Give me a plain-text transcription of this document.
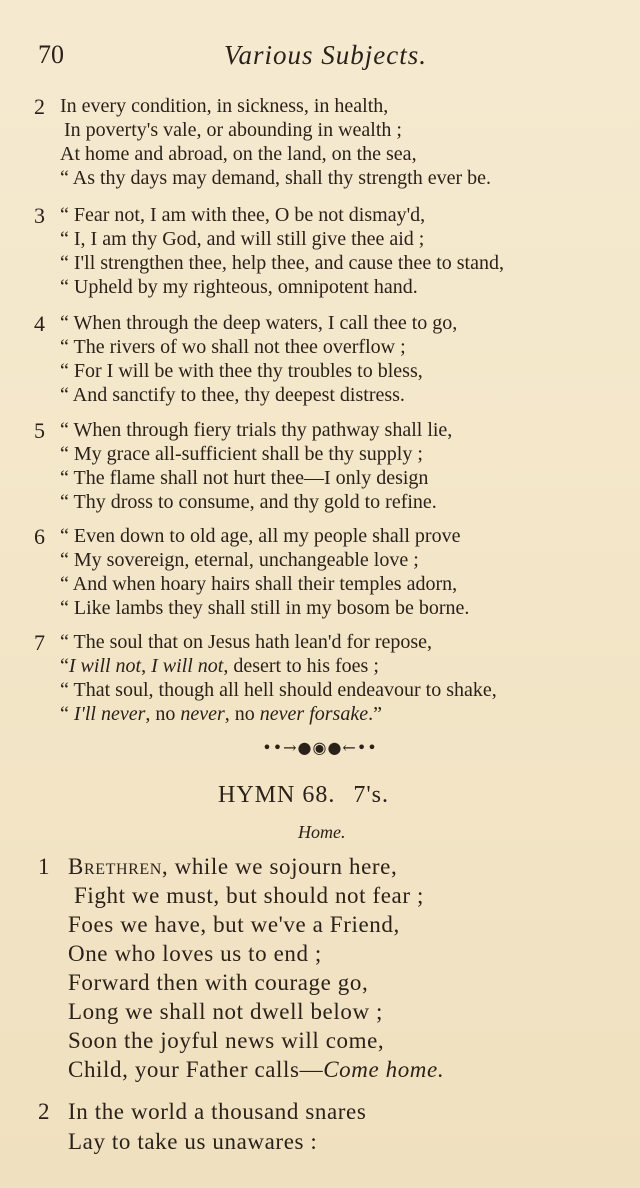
70	Various Subjects.
2 In every condition, in sickness, in health,
In poverty's vale, or abounding in wealth ;
At home and abroad, on the land, on the sea,
“ As thy days may demand, shall thy strength ever be.
3 “ Fear not, I am with thee, O be not dismay'd,
“ I, I am thy God, and will still give thee aid ;
“ I'll strengthen thee, help thee, and cause thee to stand,
“ Upheld by my righteous, omnipotent hand.
4 “ When through the deep waters, I call thee to go,
“ The rivers of wo shall not thee overflow ;
“ For I will be with thee thy troubles to bless,
“ And sanctify to thee, thy deepest distress.
5 “ When through fiery trials thy pathway shall lie,
“ My grace all-sufficient shall be thy supply ;
“ The flame shall not hurt thee—I only design
“ Thy dross to consume, and thy gold to refine.
6 “ Even down to old age, all my people shall prove
“ My sovereign, eternal, unchangeable love ;
“ And when hoary hairs shall their temples adorn,
“ Like lambs they shall still in my bosom be borne.
7 “ The soul that on Jesus hath lean'd for repose,
“I will not, I will not, desert to his foes ;
“ That soul, though all hell should endeavour to shake,
“ I'll never, no never, no never forsake.”
••→●◉●←••
HYMN 68. 7's.
Home.
1 Brethren, while we sojourn here,
Fight we must, but should not fear ;
Foes we have, but we've a Friend,
One who loves us to end ;
Forward then with courage go,
Long we shall not dwell below ;
Soon the joyful news will come,
Child, your Father calls—Come home.
2 In the world a thousand snares
Lay to take us unawares :
